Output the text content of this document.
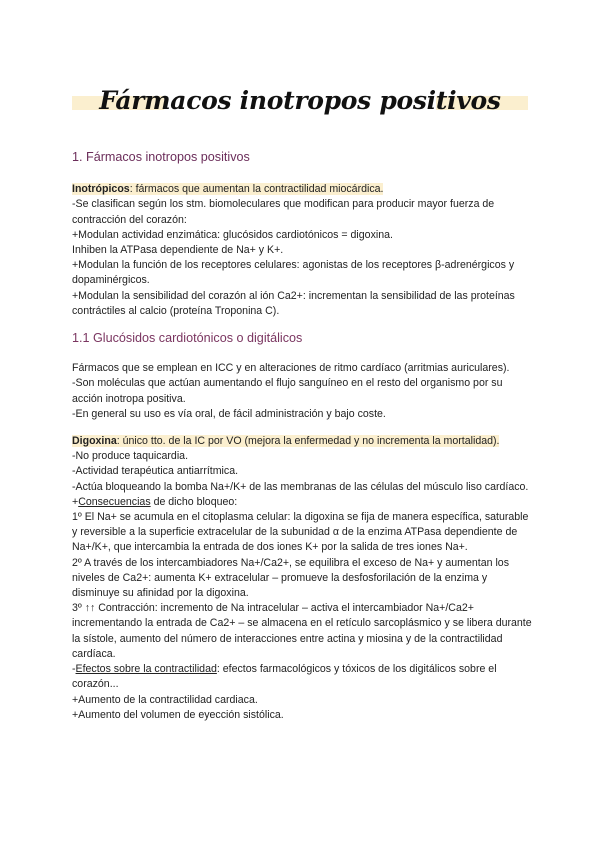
Fármacos inotropos positivos
1. Fármacos inotropos positivos

Inotrópicos: fármacos que aumentan la contractilidad miocárdica.

-Se clasifican según los stm. biomoleculares que modifican para producir mayor fuerza de contracción del corazón:

+Modulan actividad enzimática: glucósidos cardiotónicos = digoxina.

Inhiben la ATPasa dependiente de Na+ y K+.

+Modulan la función de los receptores celulares: agonistas de los receptores β-adrenérgicos y dopaminérgicos.

+Modulan la sensibilidad del corazón al ión Ca2+: incrementan la sensibilidad de las proteínas contráctiles al calcio (proteína Troponina C).

1.1 Glucósidos cardiotónicos o digitálicos

Fármacos que se emplean en ICC y en alteraciones de ritmo cardíaco (arritmias auriculares).

-Son moléculas que actúan aumentando el flujo sanguíneo en el resto del organismo por su acción inotropa positiva.

-En general su uso es vía oral, de fácil administración y bajo coste.

Digoxina: único tto. de la IC por VO (mejora la enfermedad y no incrementa la mortalidad).

-No produce taquicardia.

-Actividad terapéutica antiarrítmica.

-Actúa bloqueando la bomba Na+/K+ de las membranas de las células del músculo liso cardíaco.

+Consecuencias de dicho bloqueo:

1º El Na+ se acumula en el citoplasma celular: la digoxina se fija de manera específica, saturable y reversible a la superficie extracelular de la subunidad α de la enzima ATPasa dependiente de Na+/K+, que intercambia la entrada de dos iones K+ por la salida de tres iones Na+.

2º A través de los intercambiadores Na+/Ca2+, se equilibra el exceso de Na+ y aumentan los niveles de Ca2+: aumenta K+ extracelular – promueve la desfosforilación de la enzima y disminuye su afinidad por la digoxina.

3º ↑↑ Contracción: incremento de Na intracelular – activa el intercambiador Na+/Ca2+ incrementando la entrada de Ca2+ – se almacena en el retículo sarcoplásmico y se libera durante la sístole, aumento del número de interacciones entre actina y miosina y de la contractilidad cardíaca.

-Efectos sobre la contractilidad: efectos farmacológicos y tóxicos de los digitálicos sobre el corazón...

+Aumento de la contractilidad cardiaca.

+Aumento del volumen de eyección sistólica.
